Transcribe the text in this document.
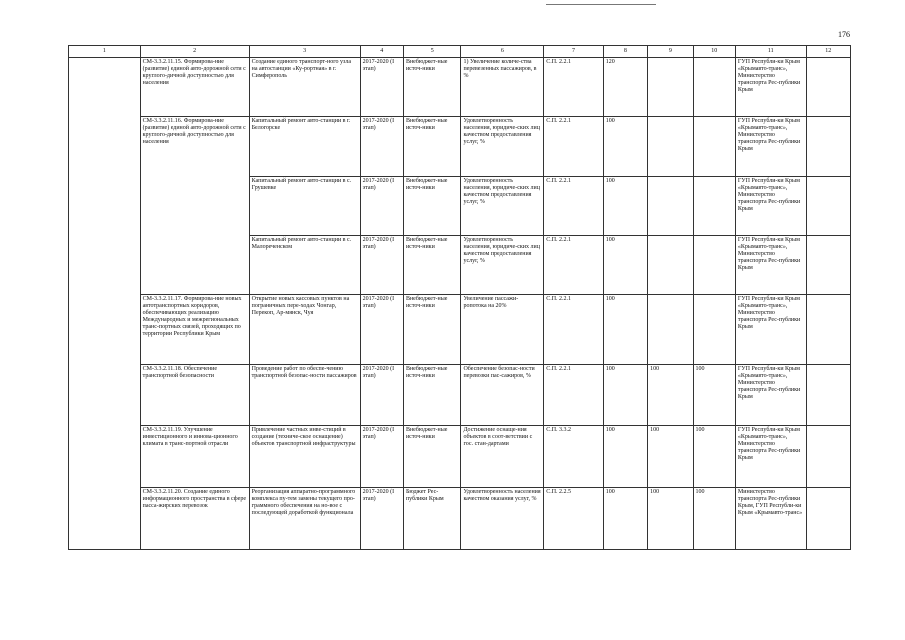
176
1	2	3	4	5	6	7	8	9	10	11	12
	СМ-3.3.2.11.15. Формирова-ние (развитие) единой авто-дорожной сети с круглого-дичной доступностью для населения	Создание единого транспорт-ного узла на автостанции «Ку-рортная» в г. Симферополь	2017-2020 (I этап)	Внебюджет-ные источ-ники	1) Увеличение количе-ства перевезенных пассажиров, в %	С.П. 2.2.1	120			ГУП Республи-ки Крым «Крымавто-транс», Министерство транспорта Рес-публики Крым	
	СМ-3.3.2.11.16. Формирова-ние (развитие) единой авто-дорожной сети с круглого-дичной доступностью для населения	Капитальный ремонт авто-станции в г. Белогорске	2017-2020 (I этап)	Внебюджет-ные источ-ники	Удовлетворенность населения, юридиче-ских лиц качеством предоставления услуг, %	С.П. 2.2.1	100			ГУП Республи-ки Крым «Крымавто-транс», Министерство транспорта Рес-публики Крым	
		Капитальный ремонт авто-станции в с. Грушевке	2017-2020 (I этап)	Внебюджет-ные источ-ники	Удовлетворенность населения, юридиче-ских лиц качеством предоставления услуг, %	С.П. 2.2.1	100			ГУП Республи-ки Крым «Крымавто-транс», Министерство транспорта Рес-публики Крым	
		Капитальный ремонт авто-станции в с. Малореченском	2017-2020 (I этап)	Внебюджет-ные источ-ники	Удовлетворенность населения, юридиче-ских лиц качеством предоставления услуг, %	С.П. 2.2.1	100			ГУП Республи-ки Крым «Крымавто-транс», Министерство транспорта Рес-публики Крым	
	СМ-3.3.2.11.17. Формирова-ние новых автотранспортных коридоров, обеспечивающих реализацию Международных и межрегиональных транс-портных связей, проходящих по территории Республики Крым	Открытие новых кассовых пунктов на пограничных пере-ходах Чонгар, Перекоп, Ар-мянск, Чуя	2017-2020 (I этап)	Внебюджет-ные источ-ники	Увеличение пассажи-ропотока на 20%	С.П. 2.2.1	100			ГУП Республи-ки Крым «Крымавто-транс», Министерство транспорта Рес-публики Крым	
	СМ-3.3.2.11.18. Обеспечение транспортной безопасности	Проведение работ по обеспе-чению транспортной безопас-ности пассажиров	2017-2020 (I этап)	Внебюджет-ные источ-ники	Обеспечение безопас-ности перевозки пас-сажиров, %	С.П. 2.2.1	100	100	100	ГУП Республи-ки Крым «Крымавто-транс», Министерство транспорта Рес-публики Крым	
	СМ-3.3.2.11.19. Улучшение инвестиционного и иннова-ционного климата в транс-портной отрасли	Привлечение частных инве-стиций в создание (техниче-ское оснащение) объектов транспортной инфраструктуры	2017-2020 (I этап)	Внебюджет-ные источ-ники	Достижение оснаще-ния объектов в соот-ветствии с гос. стан-дартами	С.П. 3.3.2	100	100	100	ГУП Республи-ки Крым «Крымавто-транс», Министерство транспорта Рес-публики Крым	
	СМ-3.3.2.11.20. Создание единого информационного пространства в сфере пасса-жирских перевозок	Реорганизация аппаратно-программного комплекса пу-тем замены текущего про-граммного обеспечения на но-вое с последующей доработкой функционала	2017-2020 (I этап)	Бюджет Рес-публики Крым	Удовлетворенность населения качеством оказания услуг, %	С.П. 2.2.5	100	100	100	Министерство транспорта Рес-публики Крым, ГУП Республи-ки Крым «Крымавто-транс»	
